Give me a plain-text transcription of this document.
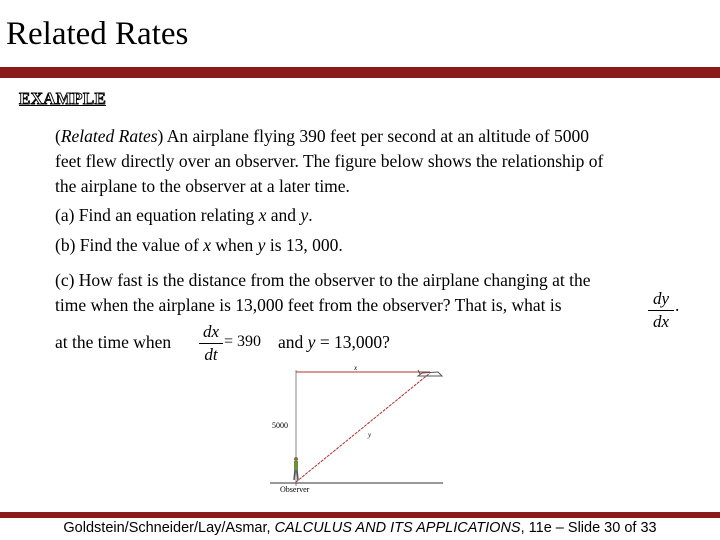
Related Rates
EXAMPLE
(Related Rates) An airplane flying 390 feet per second at an altitude of 5000
feet flew directly over an observer. The figure below shows the relationship of
the airplane to the observer at a later time.
(a) Find an equation relating x and y.
(b) Find the value of x when y is 13, 000.
(c) How fast is the distance from the observer to the airplane changing at the
time when the airplane is 13,000 feet from the observer? That is, what is	dy
dx
.
at the time when
dx
dt
= 390 and y = 13,000?
x
y
5000
Observer
Goldstein/Schneider/Lay/Asmar, CALCULUS AND ITS APPLICATIONS, 11e – Slide 30 of 33
